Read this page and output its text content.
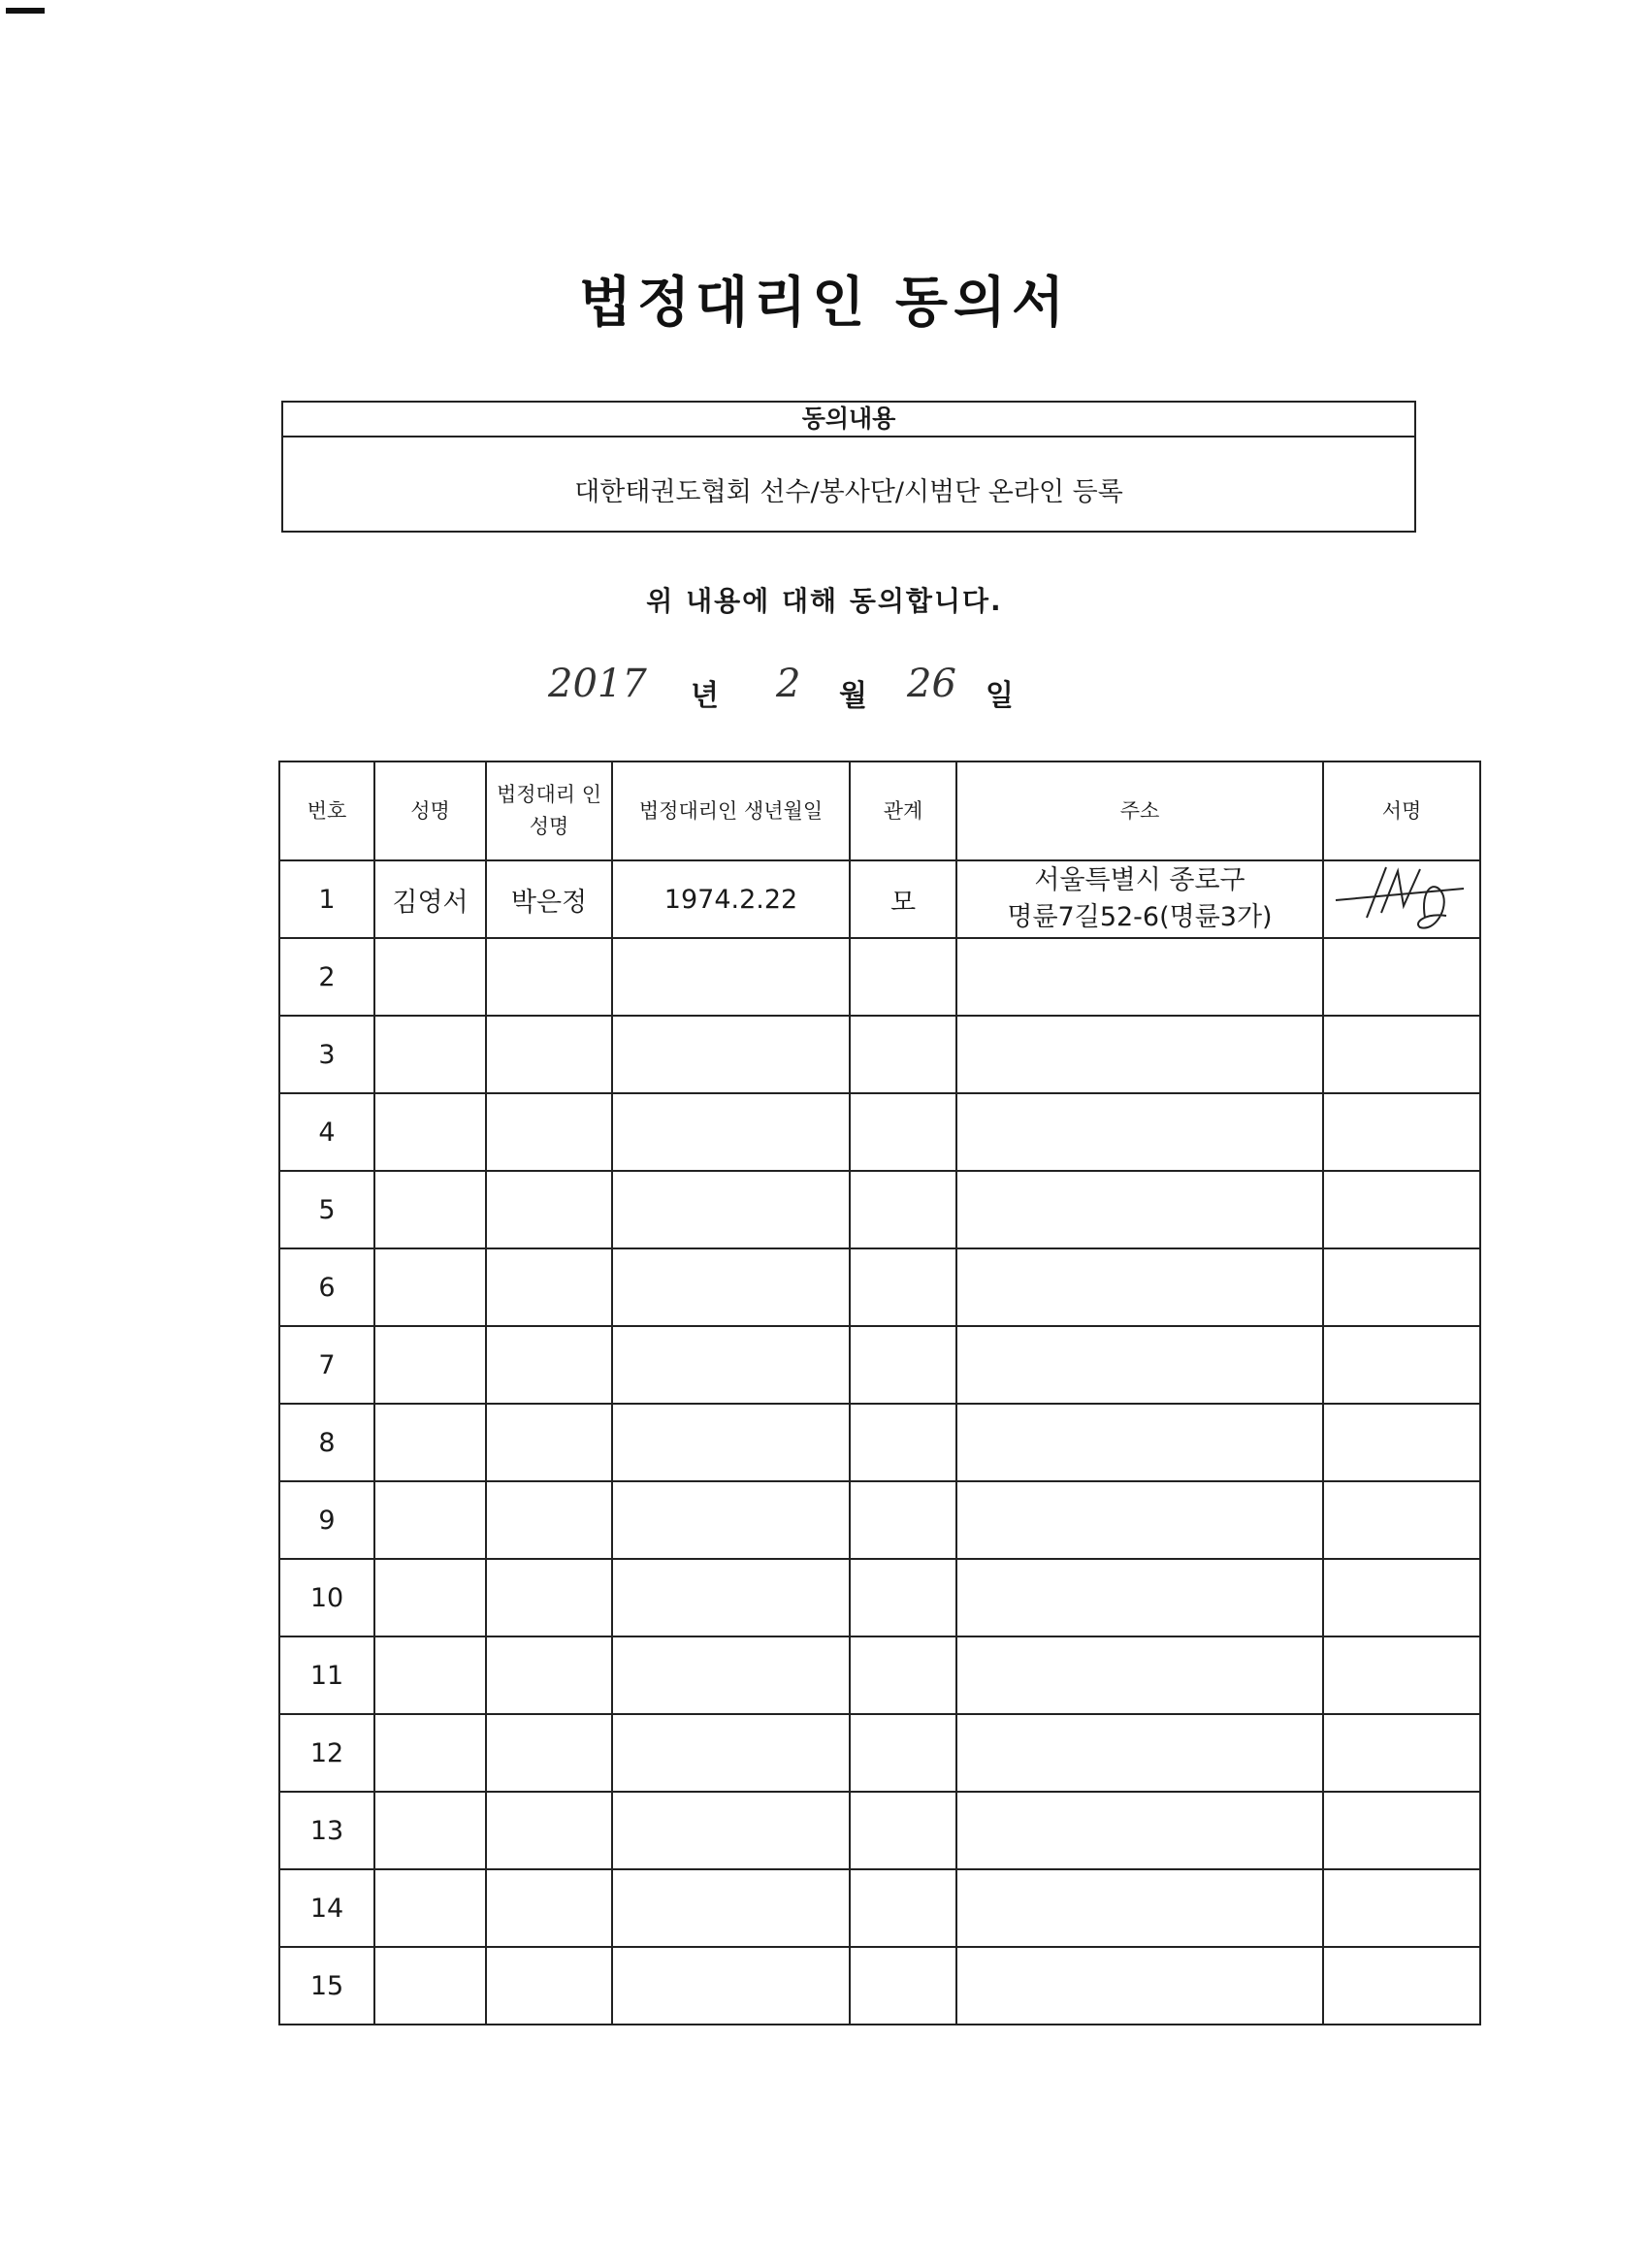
법정대리인 동의서
동의내용
대한태권도협회 선수/봉사단/시범단 온라인 등록
위 내용에 대해 동의합니다.
2017 년 2 월 26 일
번호	성명	법정대리 인 성명	법정대리인 생년월일	관계	주소	서명
1	김영서	박은정	1974.2.22	모	서울특별시 종로구
명륜7길52-6(명륜3가)

2						
3						
4						
5						
6						
7						
8						
9						
10						
11						
12						
13						
14						
15						
